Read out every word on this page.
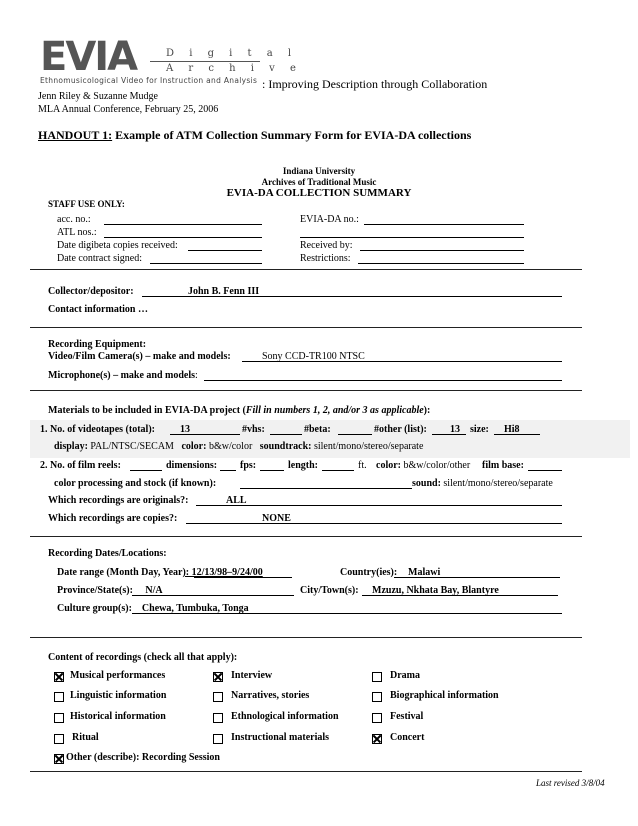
EVIA	D i g i t a l
A r c h i v e
Ethnomusicological Video for Instruction and Analysis : Improving Description through Collaboration
Jenn Riley & Suzanne Mudge
MLA Annual Conference, February 25, 2006
HANDOUT 1: Example of ATM Collection Summary Form for EVIA-DA collections
Indiana University
Archives of Traditional Music
EVIA-DA COLLECTION SUMMARY
STAFF USE ONLY:
acc. no.:
ATL nos.:
Date digibeta copies received:
Date contract signed:
EVIA-DA no.:
Received by:
Restrictions:
Collector/depositor:	John B. Fenn III
Contact information …
Recording Equipment:
Video/Film Camera(s) – make and models:	Sony CCD-TR100 NTSC
Microphone(s) – make and models:
Materials to be included in EVIA-DA project (Fill in numbers 1, 2, and/or 3 as applicable):
1. No. of videotapes (total):	13	#vhs:	#beta:	#other (list): 13 size: Hi8
display: PAL/NTSC/SECAM color: b&w/color soundtrack: silent/mono/stereo/separate
2. No. of film reels:	dimensions: fps:	length:	ft. color: b&w/color/other film base:
color processing and stock (if known):	sound: silent/mono/stereo/separate
Which recordings are originals?:	ALL
Which recordings are copies?:	NONE
Recording Dates/Locations:
Date range (Month Day, Year): 12/13/98–9/24/00	Country(ies): Malawi
Province/State(s):     N/A	City/Town(s): Mzuzu, Nkhata Bay, Blantyre
Culture group(s):    Chewa, Tumbuka, Tonga
Content of recordings (check all that apply):
Musical performances	Interview	Drama
Linguistic information	Narratives, stories	Biographical information
Historical information	Ethnological information	Festival
Ritual	Instructional materials	Concert
Other (describe): Recording Session
Last revised 3/8/04
